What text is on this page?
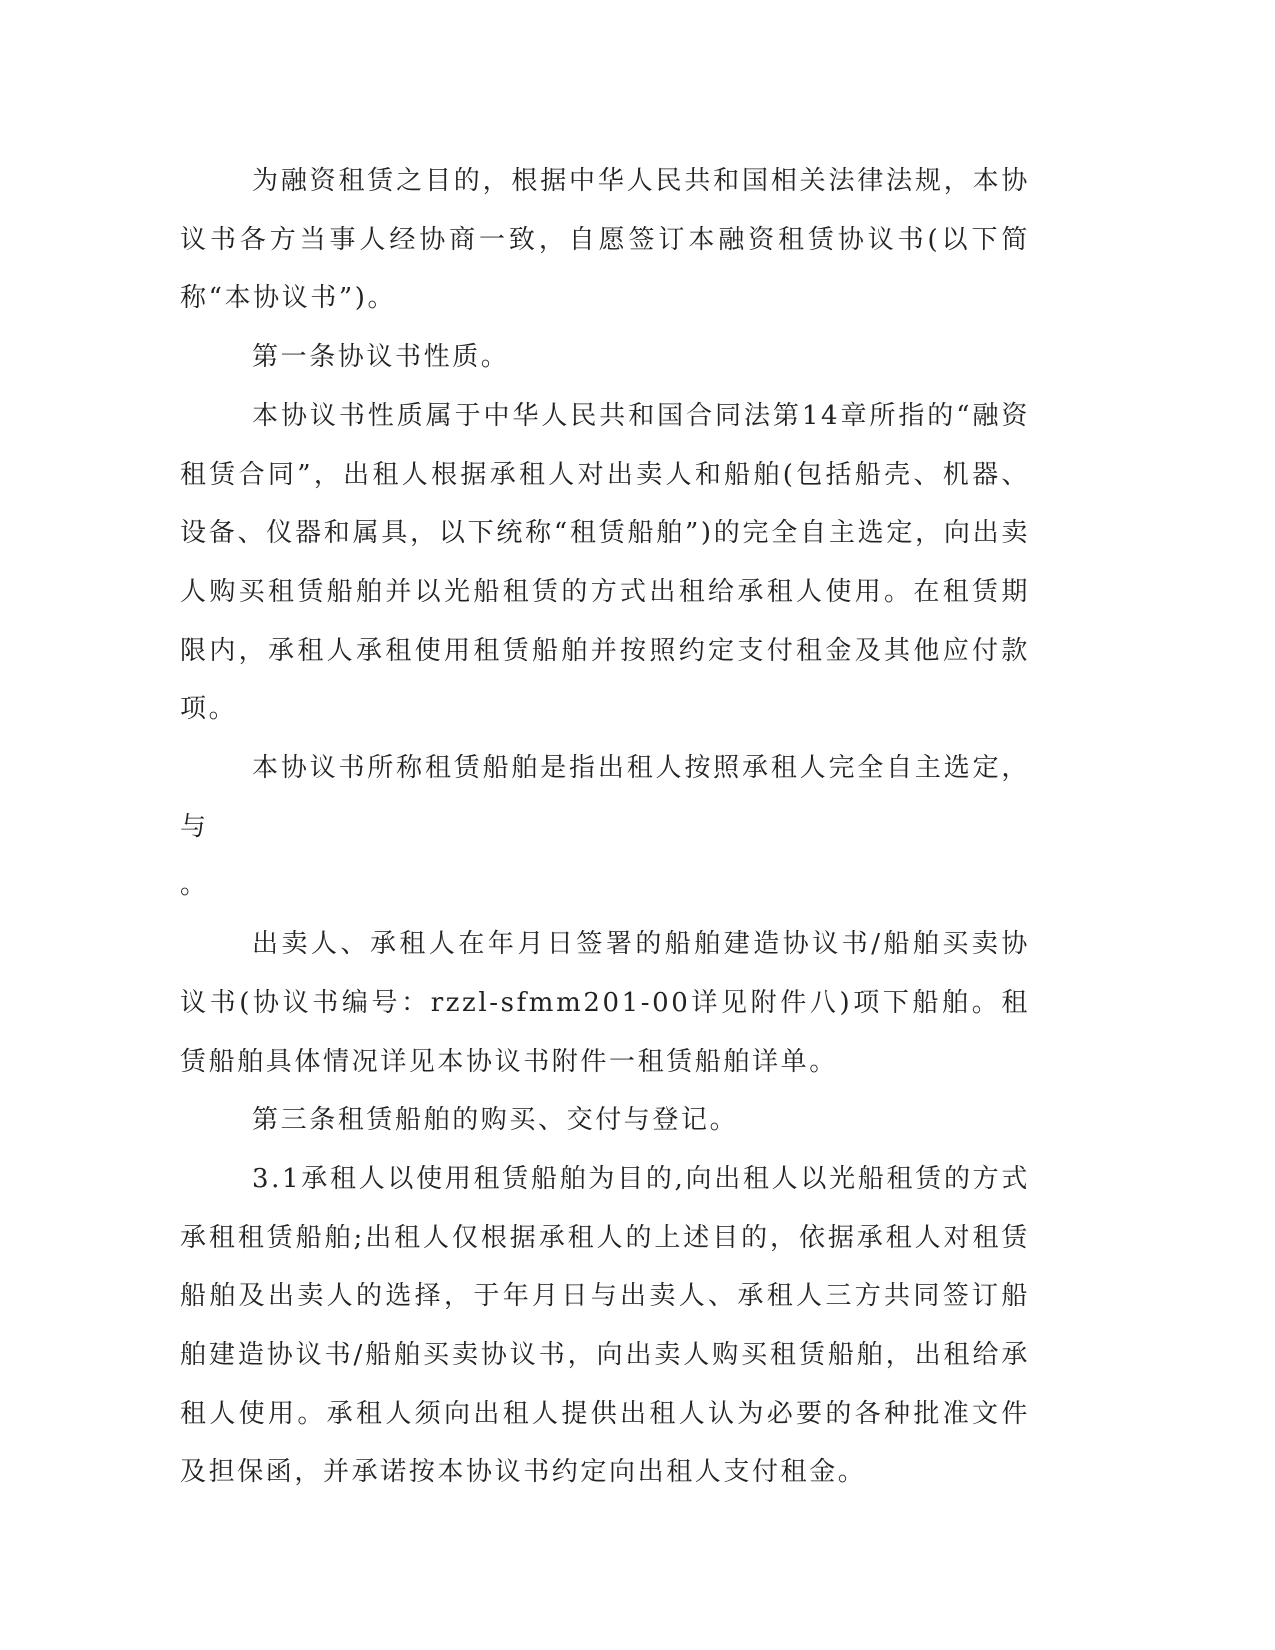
为融资租赁之目的，根据中华人民共和国相关法律法规，本协议书各方当事人经协商一致，自愿签订本融资租赁协议书(以下简称“本协议书”)。

第一条协议书性质。

本协议书性质属于中华人民共和国合同法第14章所指的“融资租赁合同”，出租人根据承租人对出卖人和船舶(包括船壳、机器、设备、仪器和属具，以下统称“租赁船舶”)的完全自主选定，向出卖人购买租赁船舶并以光船租赁的方式出租给承租人使用。在租赁期限内，承租人承租使用租赁船舶并按照约定支付租金及其他应付款项。

本协议书所称租赁船舶是指出租人按照承租人完全自主选定，与

。

出卖人、承租人在年月日签署的船舶建造协议书/船舶买卖协议书(协议书编号：rzzl-sfmm201-00详见附件八)项下船舶。租赁船舶具体情况详见本协议书附件一租赁船舶详单。

第三条租赁船舶的购买、交付与登记。

3.1承租人以使用租赁船舶为目的,向出租人以光船租赁的方式承租租赁船舶;出租人仅根据承租人的上述目的，依据承租人对租赁船舶及出卖人的选择，于年月日与出卖人、承租人三方共同签订船舶建造协议书/船舶买卖协议书，向出卖人购买租赁船舶，出租给承租人使用。承租人须向出租人提供出租人认为必要的各种批准文件及担保函，并承诺按本协议书约定向出租人支付租金。
